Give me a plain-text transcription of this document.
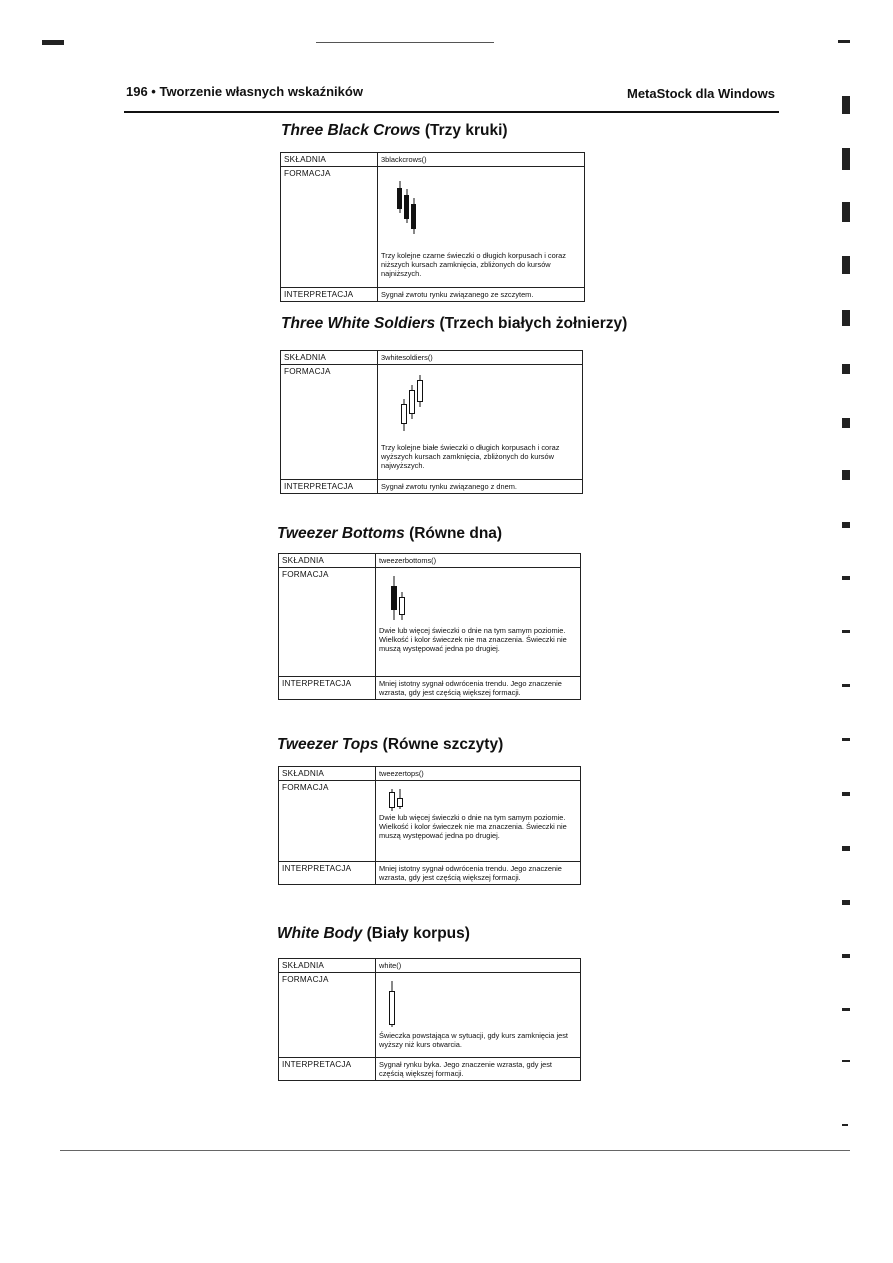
196 • Tworzenie własnych wskaźników	MetaStock dla Windows
Three Black Crows (Trzy kruki)
SKŁADNIA	3blackcrows()
FORMACJA	Trzy kolejne czarne świeczki o długich korpusach i coraz niższych kursach zamknięcia, zbliżonych do kursów najniższych.

INTERPRETACJA	Sygnał zwrotu rynku związanego ze szczytem.
Three White Soldiers (Trzech białych żołnierzy)
SKŁADNIA	3whitesoldiers()
FORMACJA	Trzy kolejne białe świeczki o długich korpusach i coraz wyższych kursach zamknięcia, zbliżonych do kursów najwyższych.

INTERPRETACJA	Sygnał zwrotu rynku związanego z dnem.
Tweezer Bottoms (Równe dna)
SKŁADNIA	tweezerbottoms()
FORMACJA	Dwie lub więcej świeczki o dnie na tym samym poziomie. Wielkość i kolor świeczek nie ma znaczenia. Świeczki nie muszą występować jedna po drugiej.

INTERPRETACJA	Mniej istotny sygnał odwrócenia trendu. Jego znaczenie wzrasta, gdy jest częścią większej formacji.
Tweezer Tops (Równe szczyty)
SKŁADNIA	tweezertops()
FORMACJA	Dwie lub więcej świeczki o dnie na tym samym poziomie. Wielkość i kolor świeczek nie ma znaczenia. Świeczki nie muszą występować jedna po drugiej.

INTERPRETACJA	Mniej istotny sygnał odwrócenia trendu. Jego znaczenie wzrasta, gdy jest częścią większej formacji.
White Body (Biały korpus)
SKŁADNIA	white()
FORMACJA	Świeczka powstająca w sytuacji, gdy kurs zamknięcia jest wyższy niż kurs otwarcia.

INTERPRETACJA	Sygnał rynku byka. Jego znaczenie wzrasta, gdy jest częścią większej formacji.
